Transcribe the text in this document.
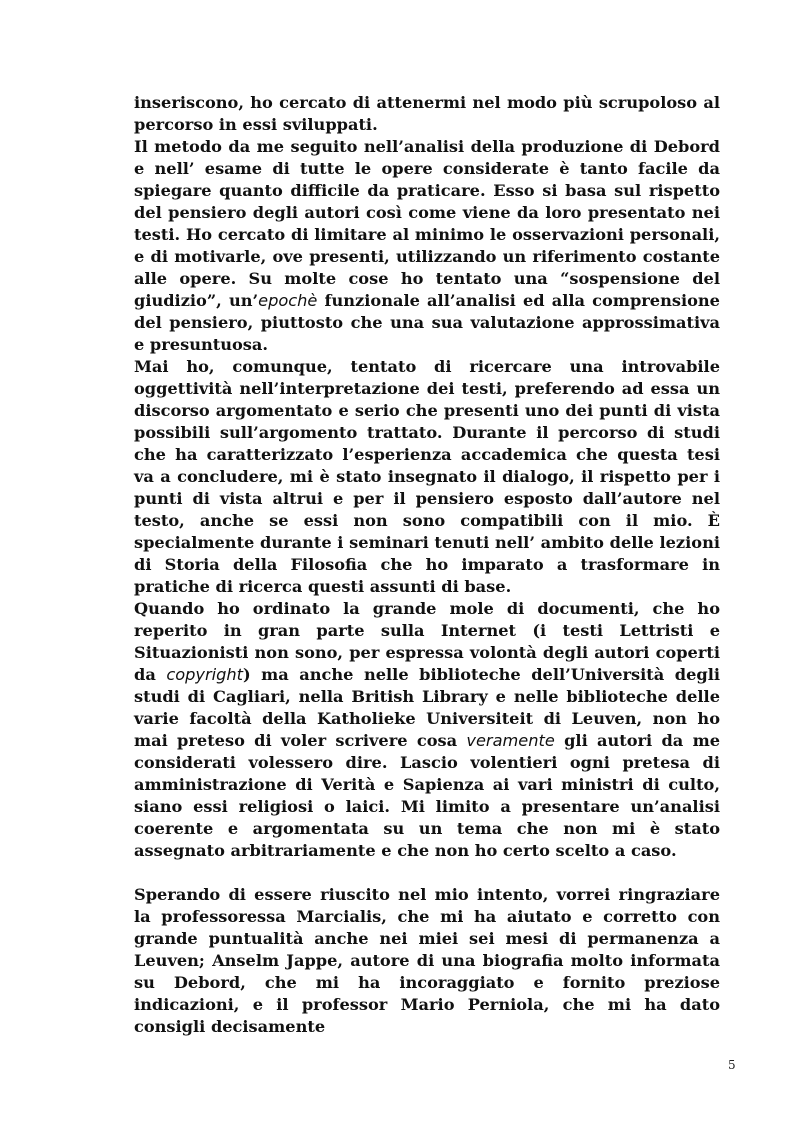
inseriscono, ho cercato di attenermi nel modo più scrupoloso al percorso in essi sviluppati.

Il metodo da me seguito nell’analisi della produzione di Debord e nell’ esame di tutte le opere considerate è tanto facile da spiegare quanto difficile da praticare. Esso si basa sul rispetto del pensiero degli autori così come viene da loro presentato nei testi. Ho cercato di limitare al minimo le osservazioni personali, e di motivarle, ove presenti, utilizzando un riferimento costante alle opere. Su molte cose ho tentato una “sospensione del giudizio”, un’epochè funzionale all’analisi ed alla comprensione del pensiero, piuttosto che una sua valutazione approssimativa e presuntuosa.

Mai ho, comunque, tentato di ricercare una introvabile oggettività nell’interpretazione dei testi, preferendo ad essa un discorso argomentato e serio che presenti uno dei punti di vista possibili sull’argomento trattato. Durante il percorso di studi che ha caratterizzato l’esperienza accademica che questa tesi va a concludere, mi è stato insegnato il dialogo, il rispetto per i punti di vista altrui e per il pensiero esposto dall’autore nel testo, anche se essi non sono compatibili con il mio. È specialmente durante i seminari tenuti nell’ ambito delle lezioni di Storia della Filosofia che ho imparato a trasformare in pratiche di ricerca questi assunti di base.

Quando ho ordinato la grande mole di documenti, che ho reperito in gran parte sulla Internet (i testi Lettristi e Situazionisti non sono, per espressa volontà degli autori coperti da copyright) ma anche nelle biblioteche dell’Università degli studi di Cagliari, nella British Library e nelle biblioteche delle varie facoltà della Katholieke Universiteit di Leuven, non ho mai preteso di voler scrivere cosa veramente gli autori da me considerati volessero dire. Lascio volentieri ogni pretesa di amministrazione di Verità e Sapienza ai vari ministri di culto, siano essi religiosi o laici. Mi limito a presentare un’analisi coerente e argomentata su un tema che non mi è stato assegnato arbitrariamente e che non ho certo scelto a caso.

Sperando di essere riuscito nel mio intento, vorrei ringraziare la professoressa Marcialis, che mi ha aiutato e corretto con grande puntualità anche nei miei sei mesi di permanenza a Leuven; Anselm Jappe, autore di una biografia molto informata su Debord, che mi ha incoraggiato e fornito preziose indicazioni, e il professor Mario Perniola, che mi ha dato consigli decisamente

5
